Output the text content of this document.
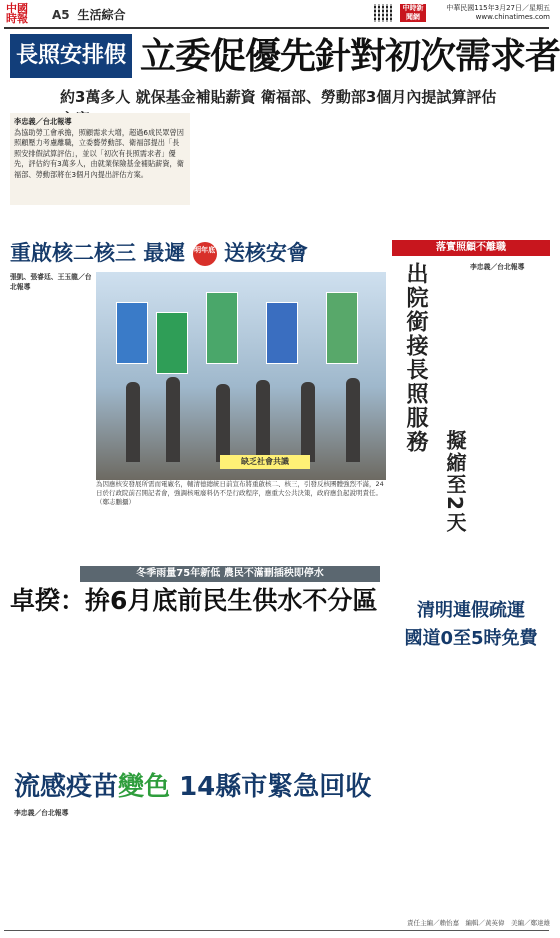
中國
時報	A5 生活綜合	中時新聞網
中華民國115年3月27日／星期五
www.chinatimes.com
長照安排假 立委促優先針對初次需求者
約3萬多人 就保基金補貼薪資 衛福部、勞動部3個月內提試算評估
李忠義／台北報導
為協助勞工會承擔，照顧需求大增，超過6成民眾曾因照顧壓力考慮離職，立委藝勞動部、衛福部提出「長照安排假試算評估」，並以「初次有長照需求者」優先，評估約有3萬多人，由就業保險基金補貼薪資，衛福部、勞動部將在3個月內提出評估方案。
重啟核二核三 最遲 明年底 送核安會
張凱、張睿廷、王玉龍／台北報導
缺乏社會共識
為因應核安發展所需而電廠名，輔清德總統日前宣布將重啟核二、核三，引發反核團體強烈不滿，24日於行政院前召開記者會，強調核電廢料仍不是行政程序，應重大公共決策，政府應負起說明責任。（鄭志鵬攝）
落實照顧不離職
出院銜接長照服務
擬縮至2天
李忠義／台北報導
冬季雨量75年新低 農民不滿刪插秧即停水
卓揆：拚6月底前民生供水不分區	清明連假疏運
國道0至5時免費
流感疫苗變色 14縣市緊急回收
李忠義／台北報導
責任主編／賴怡嘉　編輯／黃英偉　美編／鄭達雄
